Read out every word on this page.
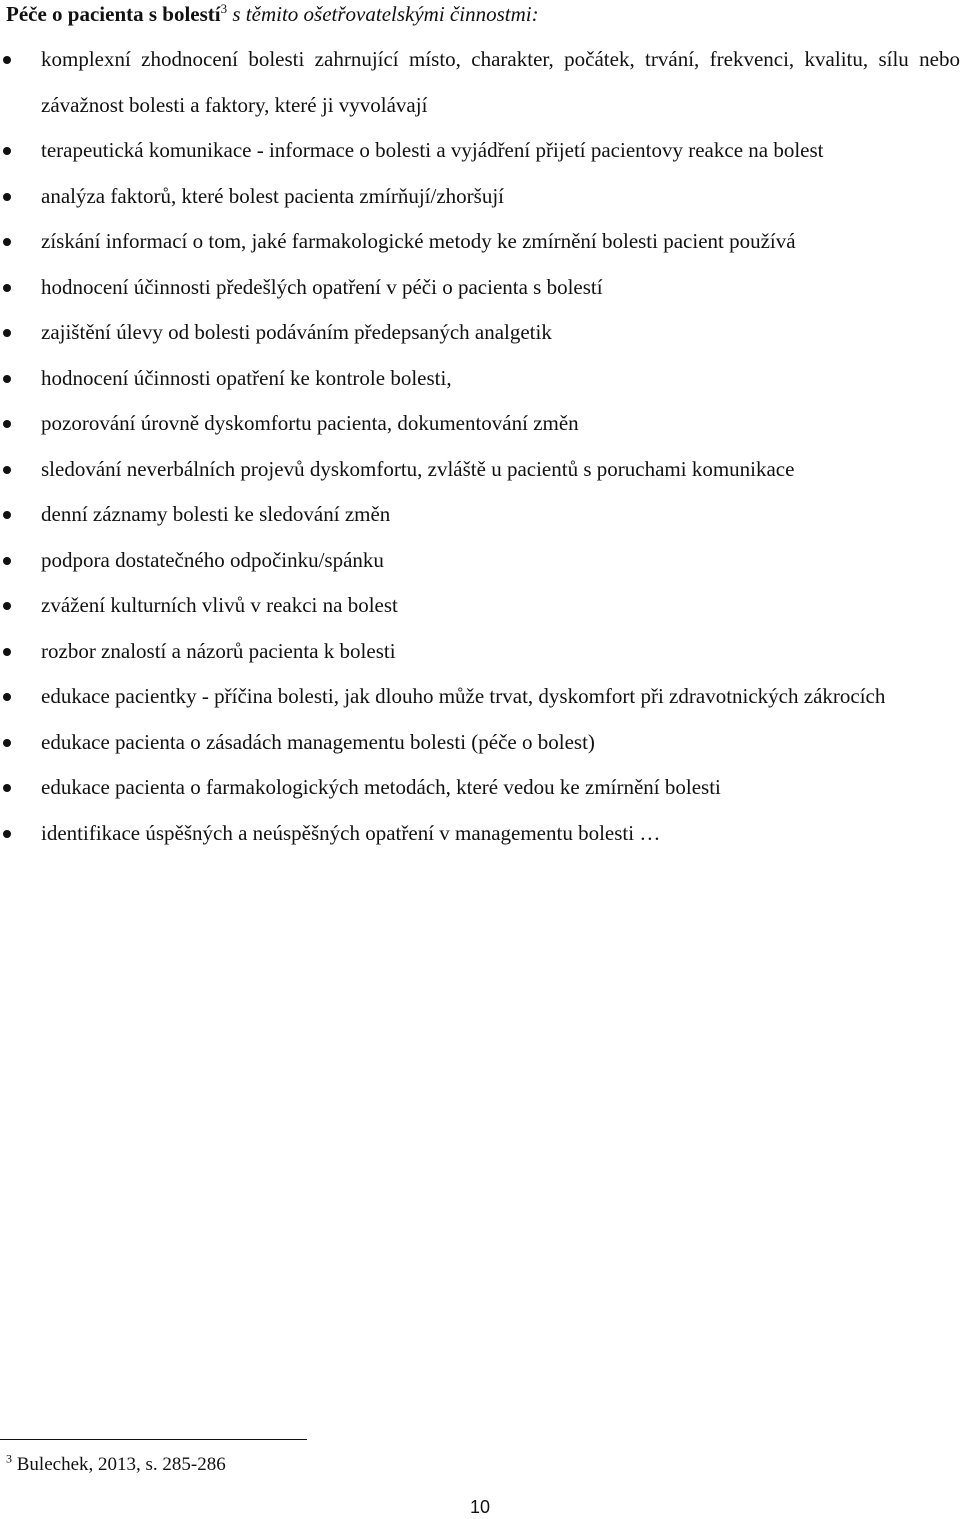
Péče o pacienta s bolestí$^3$ s těmito ošetřovatelskými činnostmi:
komplexní zhodnocení bolesti zahrnující místo, charakter, počátek, trvání, frekvenci, kvalitu, sílu nebo závažnost bolesti a faktory, které ji vyvolávají
terapeutická komunikace - informace o bolesti a vyjádření přijetí pacientovy reakce na bolest
analýza faktorů, které bolest pacienta zmírňují/zhoršují
získání informací o tom, jaké farmakologické metody ke zmírnění bolesti pacient používá
hodnocení účinnosti předešlých opatření v péči o pacienta s bolestí
zajištění úlevy od bolesti podáváním předepsaných analgetik
hodnocení účinnosti opatření ke kontrole bolesti,
pozorování úrovně dyskomfortu pacienta, dokumentování změn
sledování neverbálních projevů dyskomfortu, zvláště u pacientů s poruchami komunikace
denní záznamy bolesti ke sledování změn
podpora dostatečného odpočinku/spánku
zvážení kulturních vlivů v reakci na bolest
rozbor znalostí a názorů pacienta k bolesti
edukace pacientky - příčina bolesti, jak dlouho může trvat, dyskomfort při zdravotnických zákrocích
edukace pacienta o zásadách managementu bolesti (péče o bolest)
edukace pacienta o farmakologických metodách, které vedou ke zmírnění bolesti
identifikace úspěšných a neúspěšných opatření v managementu bolesti …
$^3$ Bulechek, 2013, s. 285-286
10
